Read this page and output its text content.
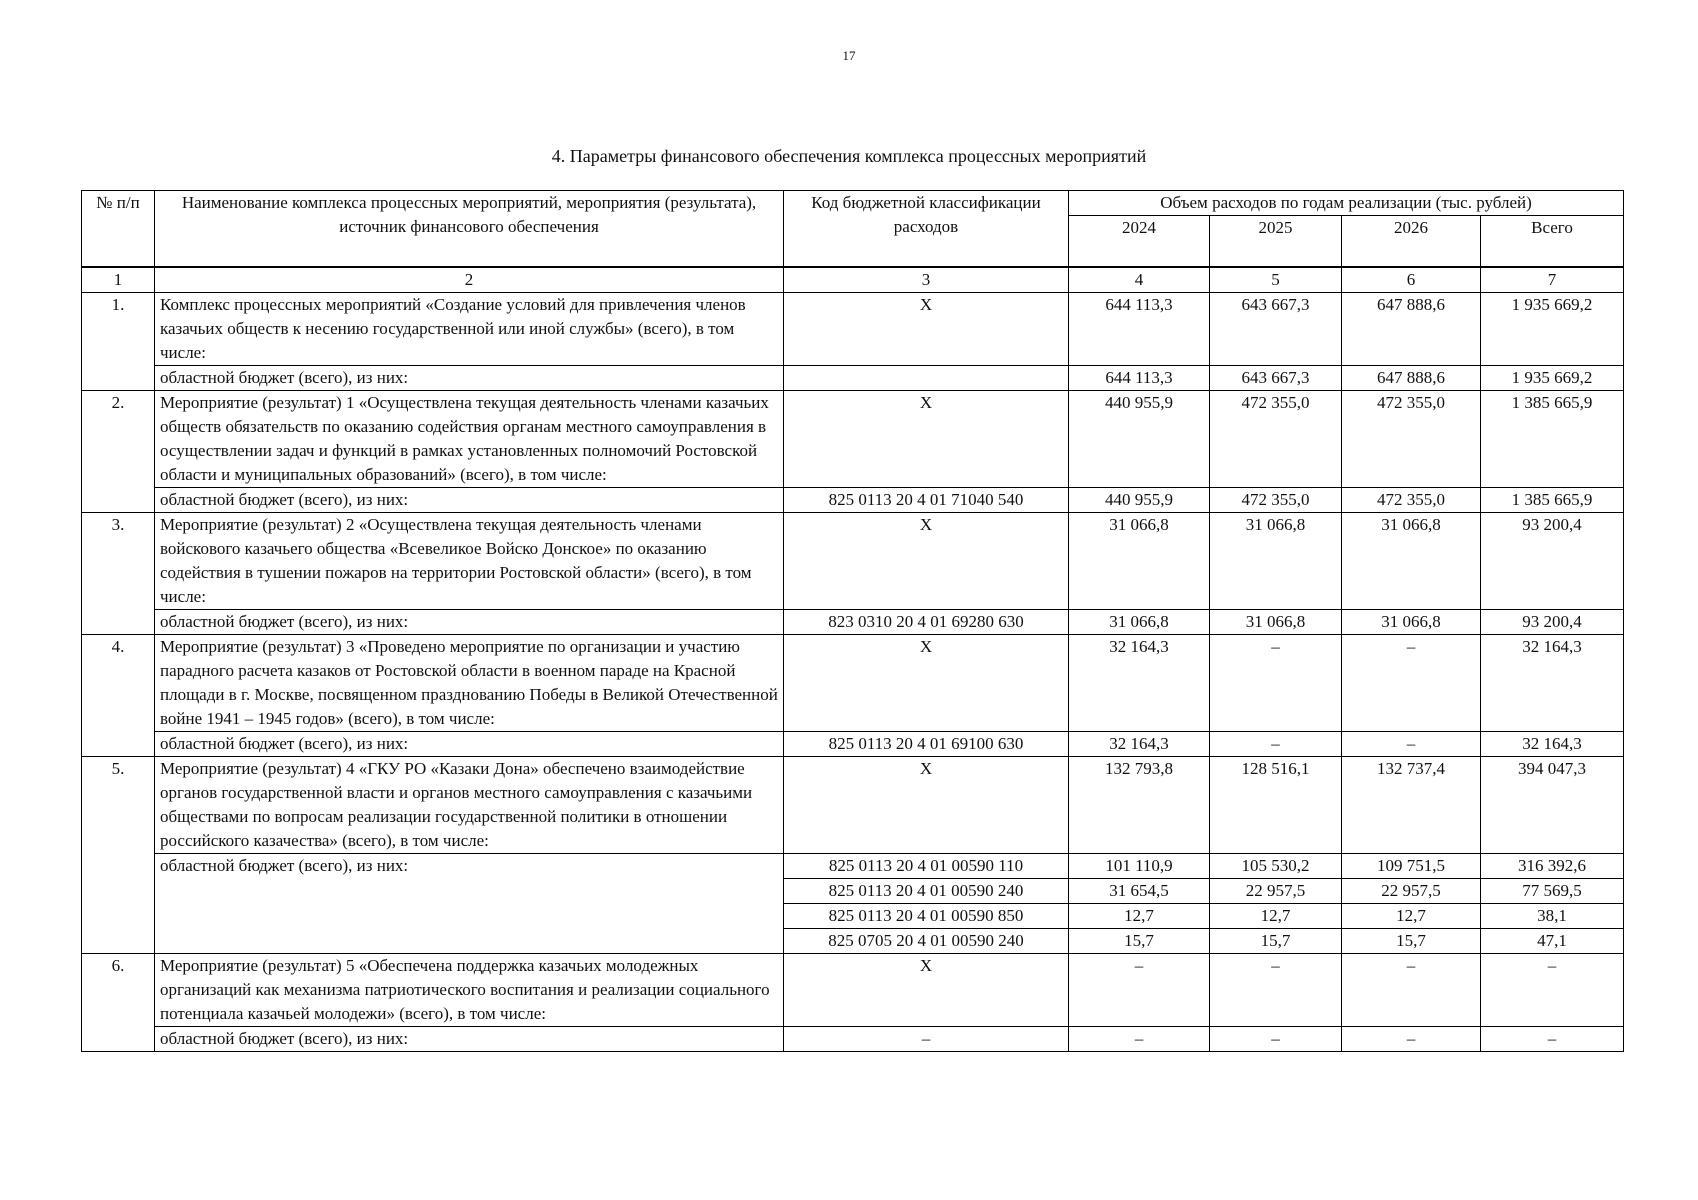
17
4. Параметры финансового обеспечения комплекса процессных мероприятий
№ п/п	Наименование комплекса процессных мероприятий, мероприятия (результата), источник финансового обеспечения	Код бюджетной классификации расходов	Объем расходов по годам реализации (тыс. рублей)			
			2024	2025	2026	Всего
1	2	3	4	5	6	7
1.	Комплекс процессных мероприятий «Создание условий для привлечения членов казачьих обществ к несению государственной или иной службы» (всего), в том числе:	Х	644 113,3	643 667,3	647 888,6	1 935 669,2
	областной бюджет (всего), из них:		644 113,3	643 667,3	647 888,6	1 935 669,2
2.	Мероприятие (результат) 1 «Осуществлена текущая деятельность членами казачьих обществ обязательств по оказанию содействия органам местного самоуправления в осуществлении задач и функций в рамках установленных полномочий Ростовской области и муниципальных образований» (всего), в том числе:	Х	440 955,9	472 355,0	472 355,0	1 385 665,9
	областной бюджет (всего), из них:	825 0113 20 4 01 71040 540	440 955,9	472 355,0	472 355,0	1 385 665,9
3.	Мероприятие (результат) 2 «Осуществлена текущая деятельность членами войскового казачьего общества «Всевеликое Войско Донское» по оказанию содействия в тушении пожаров на территории Ростовской области» (всего), в том числе:	Х	31 066,8	31 066,8	31 066,8	93 200,4
	областной бюджет (всего), из них:	823 0310 20 4 01 69280 630	31 066,8	31 066,8	31 066,8	93 200,4
4.	Мероприятие (результат) 3 «Проведено мероприятие по организации и участию парадного расчета казаков от Ростовской области в военном параде на Красной площади в г. Москве, посвященном празднованию Победы в Великой Отечественной войне 1941 – 1945 годов» (всего), в том числе:	Х	32 164,3	–	–	32 164,3
	областной бюджет (всего), из них:	825 0113 20 4 01 69100 630	32 164,3	–	–	32 164,3
5.	Мероприятие (результат) 4 «ГКУ РО «Казаки Дона» обеспечено взаимодействие органов государственной власти и органов местного самоуправления с казачьими обществами по вопросам реализации государственной политики в отношении российского казачества» (всего), в том числе:	Х	132 793,8	128 516,1	132 737,4	394 047,3
	областной бюджет (всего), из них:	825 0113 20 4 01 00590 110	101 110,9	105 530,2	109 751,5	316 392,6
		825 0113 20 4 01 00590 240	31 654,5	22 957,5	22 957,5	77 569,5
		825 0113 20 4 01 00590 850	12,7	12,7	12,7	38,1
		825 0705 20 4 01 00590 240	15,7	15,7	15,7	47,1
6.	Мероприятие (результат) 5 «Обеспечена поддержка казачьих молодежных организаций как механизма патриотического воспитания и реализации социального потенциала казачьей молодежи» (всего), в том числе:	Х	–	–	–	–
	областной бюджет (всего), из них:	–	–	–	–	–
